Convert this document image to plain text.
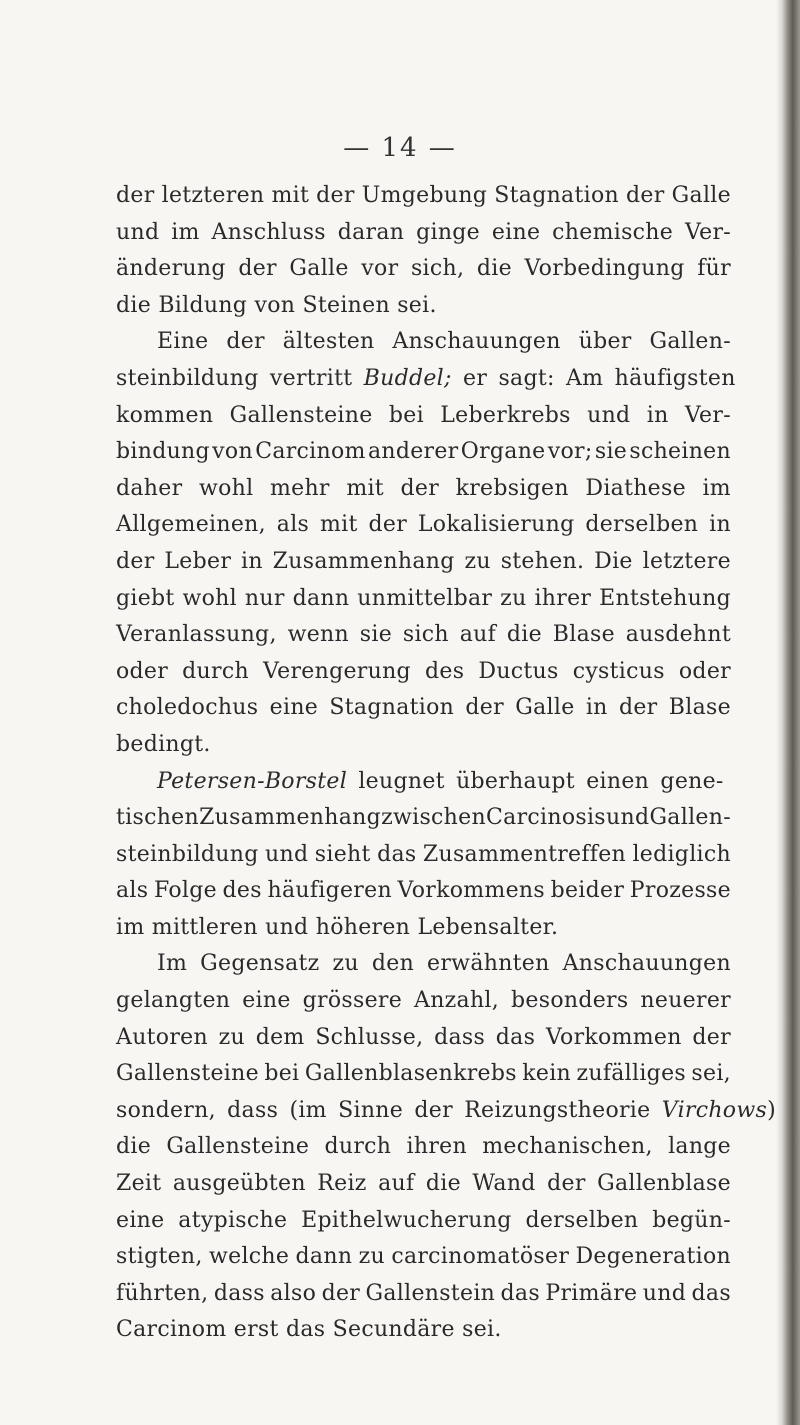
— 14 —
der letzteren mit der Umgebung Stagnation der Galle
und im Anschluss daran ginge eine chemische Ver-
änderung der Galle vor sich, die Vorbedingung für
die Bildung von Steinen sei.
Eine der ältesten Anschauungen über Gallen-
steinbildung vertritt Buddel; er sagt: Am häufigsten
kommen Gallensteine bei Leberkrebs und in Ver-
bindung von Carcinom anderer Organe vor; sie scheinen
daher wohl mehr mit der krebsigen Diathese im
Allgemeinen, als mit der Lokalisierung derselben in
der Leber in Zusammenhang zu stehen. Die letztere
giebt wohl nur dann unmittelbar zu ihrer Entstehung
Veranlassung, wenn sie sich auf die Blase ausdehnt
oder durch Verengerung des Ductus cysticus oder
choledochus eine Stagnation der Galle in der Blase
bedingt.
Petersen-Borstel leugnet überhaupt einen gene-
tischen Zusammenhang zwischen Carcinosis und Gallen-
steinbildung und sieht das Zusammentreffen lediglich
als Folge des häufigeren Vorkommens beider Prozesse
im mittleren und höheren Lebensalter.
Im Gegensatz zu den erwähnten Anschauungen
gelangten eine grössere Anzahl, besonders neuerer
Autoren zu dem Schlusse, dass das Vorkommen der
Gallensteine bei Gallenblasenkrebs kein zufälliges sei,
sondern, dass (im Sinne der Reizungstheorie Virchows)
die Gallensteine durch ihren mechanischen, lange
Zeit ausgeübten Reiz auf die Wand der Gallenblase
eine atypische Epithelwucherung derselben begün-
stigten, welche dann zu carcinomatöser Degeneration
führten, dass also der Gallenstein das Primäre und das
Carcinom erst das Secundäre sei.
